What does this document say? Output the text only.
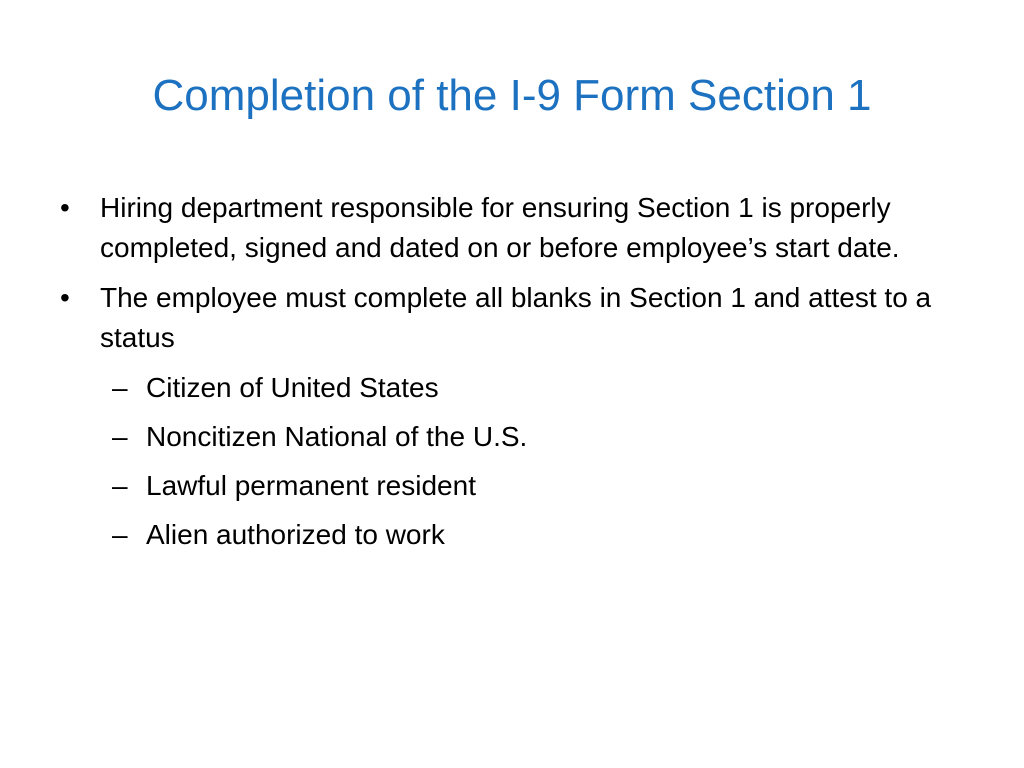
Completion of the I-9 Form Section 1
• Hiring department responsible for ensuring Section 1 is properly completed, signed and dated on or before employee’s start date.
• The employee must complete all blanks in Section 1 and attest to a status
– Citizen of United States
– Noncitizen National of the U.S.
– Lawful permanent resident
– Alien authorized to work
